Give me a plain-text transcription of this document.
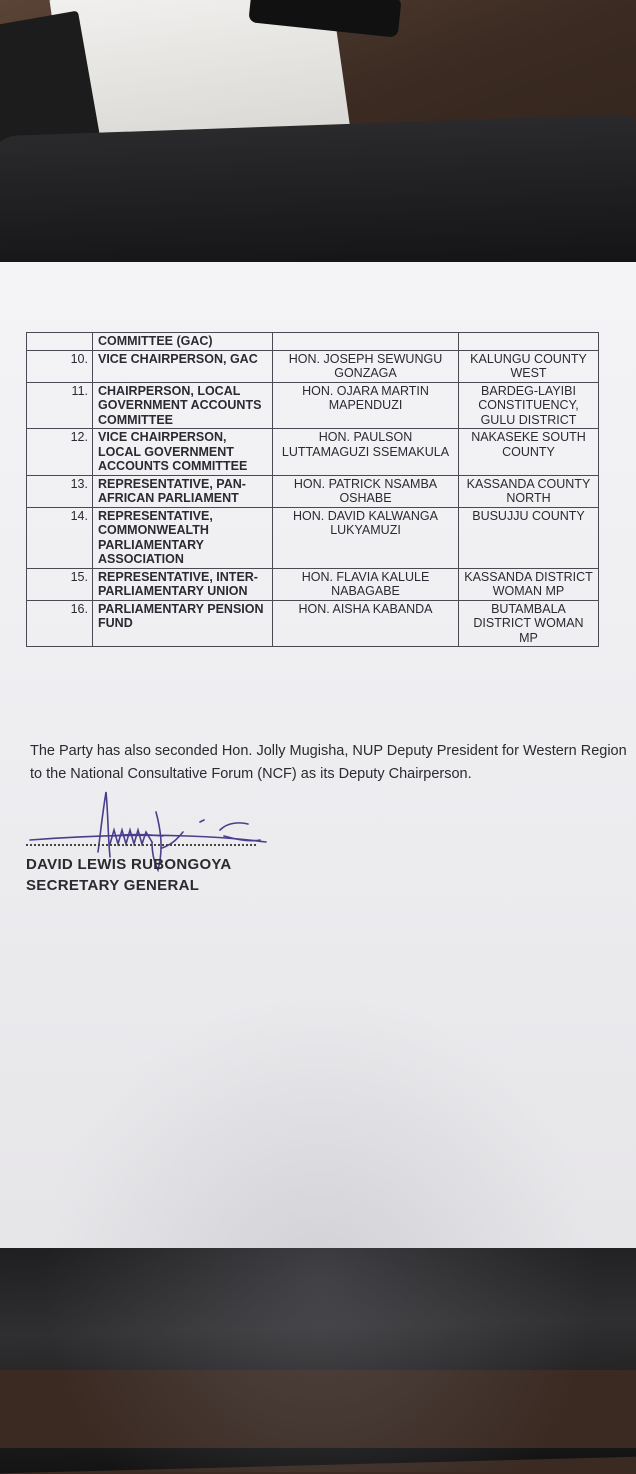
	COMMITTEE (GAC)		
10.	VICE CHAIRPERSON, GAC	HON. JOSEPH SEWUNGU GONZAGA	KALUNGU COUNTY WEST
11.	CHAIRPERSON, LOCAL GOVERNMENT ACCOUNTS COMMITTEE	HON. OJARA MARTIN MAPENDUZI	BARDEG-LAYIBI CONSTITUENCY, GULU DISTRICT
12.	VICE CHAIRPERSON, LOCAL GOVERNMENT ACCOUNTS COMMITTEE	HON. PAULSON LUTTAMAGUZI SSEMAKULA	NAKASEKE SOUTH COUNTY
13.	REPRESENTATIVE, PAN-AFRICAN PARLIAMENT	HON. PATRICK NSAMBA OSHABE	KASSANDA COUNTY NORTH
14.	REPRESENTATIVE, COMMONWEALTH PARLIAMENTARY ASSOCIATION	HON. DAVID KALWANGA LUKYAMUZI	BUSUJJU COUNTY
15.	REPRESENTATIVE, INTER-PARLIAMENTARY UNION	HON. FLAVIA KALULE NABAGABE	KASSANDA DISTRICT WOMAN MP
16.	PARLIAMENTARY PENSION FUND	HON. AISHA KABANDA	BUTAMBALA DISTRICT WOMAN MP
The Party has also seconded Hon. Jolly Mugisha, NUP Deputy President for Western Region to the National Consultative Forum (NCF) as its Deputy Chairperson.
DAVID LEWIS RUBONGOYA
SECRETARY GENERAL
